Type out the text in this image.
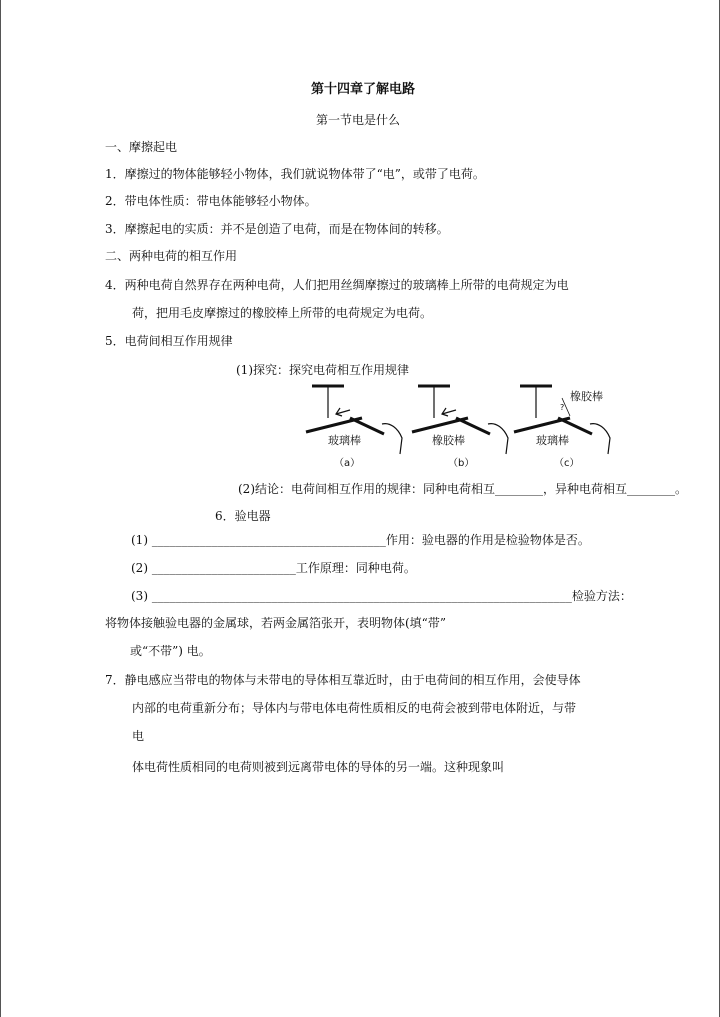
第十四章了解电路
第一节电是什么
一、摩擦起电
1．摩擦过的物体能够轻小物体，我们就说物体带了“电”，或带了电荷。
2．带电体性质：带电体能够轻小物体。
3．摩擦起电的实质：并不是创造了电荷，而是在物体间的转移。
二、两种电荷的相互作用
4．两种电荷自然界存在两种电荷，人们把用丝绸摩擦过的玻璃棒上所带的电荷规定为电
荷，把用毛皮摩擦过的橡胶棒上所带的电荷规定为电荷。
5．电荷间相互作用规律
(1)探究：探究电荷相互作用规律
玻璃棒	橡胶棒	玻璃棒
橡胶棒
?
（a）	（b）	（c）
(2)结论：电荷间相互作用的规律：同种电荷相互________，异种电荷相互________。
6．验电器
(1) _______________________________________作用：验电器的作用是检验物体是否。
(2) ________________________工作原理：同种电荷。
(3) ______________________________________________________________________检验方法：
将物体接触验电器的金属球，若两金属箔张开，表明物体(填“带”
或“不带”) 电。
7．静电感应当带电的物体与未带电的导体相互靠近时，由于电荷间的相互作用，会使导体
内部的电荷重新分布；导体内与带电体电荷性质相反的电荷会被到带电体附近，与带
电
体电荷性质相同的电荷则被到远离带电体的导体的另一端。这种现象叫
